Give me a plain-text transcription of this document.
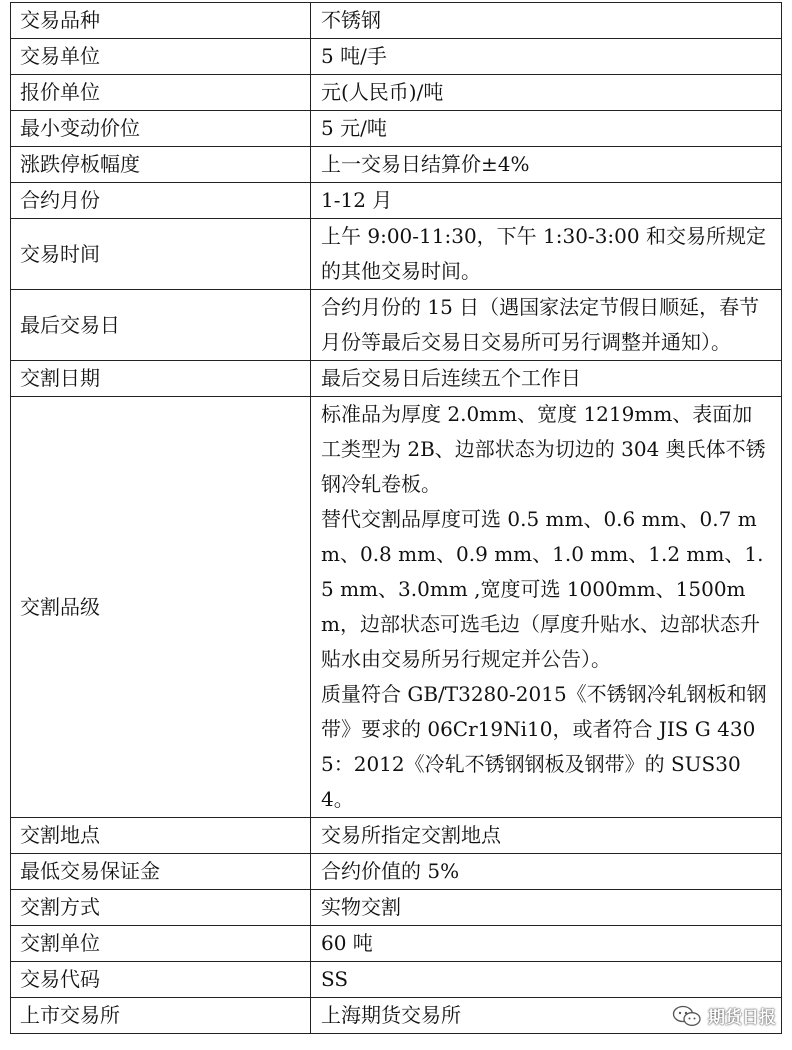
交易品种	不锈钢
交易单位	5 吨/手
报价单位	元(人民币)/吨
最小变动价位	5 元/吨
涨跌停板幅度	上一交易日结算价±4%
合约月份	1-12 月
交易时间	上午 9:00-11:30，下午 1:30-3:00 和交易所规定的其他交易时间。
最后交易日	合约月份的 15 日（遇国家法定节假日顺延，春节月份等最后交易日交易所可另行调整并通知）。
交割日期	最后交易日后连续五个工作日
交割品级	标准品为厚度 2.0mm、宽度 1219mm、表面加工类型为 2B、边部状态为切边的 304 奥氏体不锈钢冷轧卷板。
替代交割品厚度可选 0.5 mm、0.6 mm、0.7 mm、0.8 mm、0.9 mm、1.0 mm、1.2 mm、1.5 mm、3.0mm ,宽度可选 1000mm、1500mm，边部状态可选毛边（厚度升贴水、边部状态升贴水由交易所另行规定并公告）。
质量符合 GB/T3280-2015《不锈钢冷轧钢板和钢带》要求的 06Cr19Ni10，或者符合 JIS G 4305：2012《冷轧不锈钢钢板及钢带》的 SUS304。

交割地点	交易所指定交割地点
最低交易保证金	合约价值的 5%
交割方式	实物交割
交割单位	60 吨
交易代码	SS
上市交易所	上海期货交易所	期货日报
